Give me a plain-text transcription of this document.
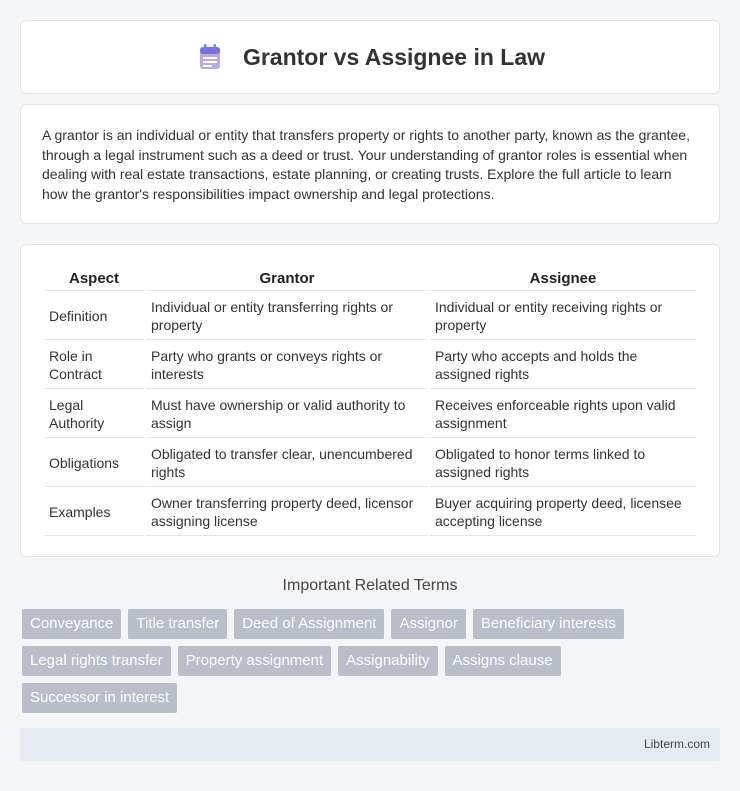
Grantor vs Assignee in Law

A grantor is an individual or entity that transfers property or rights to another party, known as the grantee, through a legal instrument such as a deed or trust. Your understanding of grantor roles is essential when dealing with real estate transactions, estate planning, or creating trusts. Explore the full article to learn how the grantor's responsibilities impact ownership and legal protections.

Aspect	Grantor	Assignee
Definition	Individual or entity transferring rights or property	Individual or entity receiving rights or property
Role in Contract	Party who grants or conveys rights or interests	Party who accepts and holds the assigned rights
Legal Authority	Must have ownership or valid authority to assign	Receives enforceable rights upon valid assignment
Obligations	Obligated to transfer clear, unencumbered rights	Obligated to honor terms linked to assigned rights
Examples	Owner transferring property deed, licensor assigning license	Buyer acquiring property deed, licensee accepting license
Important Related Terms
Conveyance	Title transfer	Deed of Assignment	Assignor	Beneficiary interests
Legal rights transfer	Property assignment	Assignability	Assigns clause
Successor in interest
Libterm.com
